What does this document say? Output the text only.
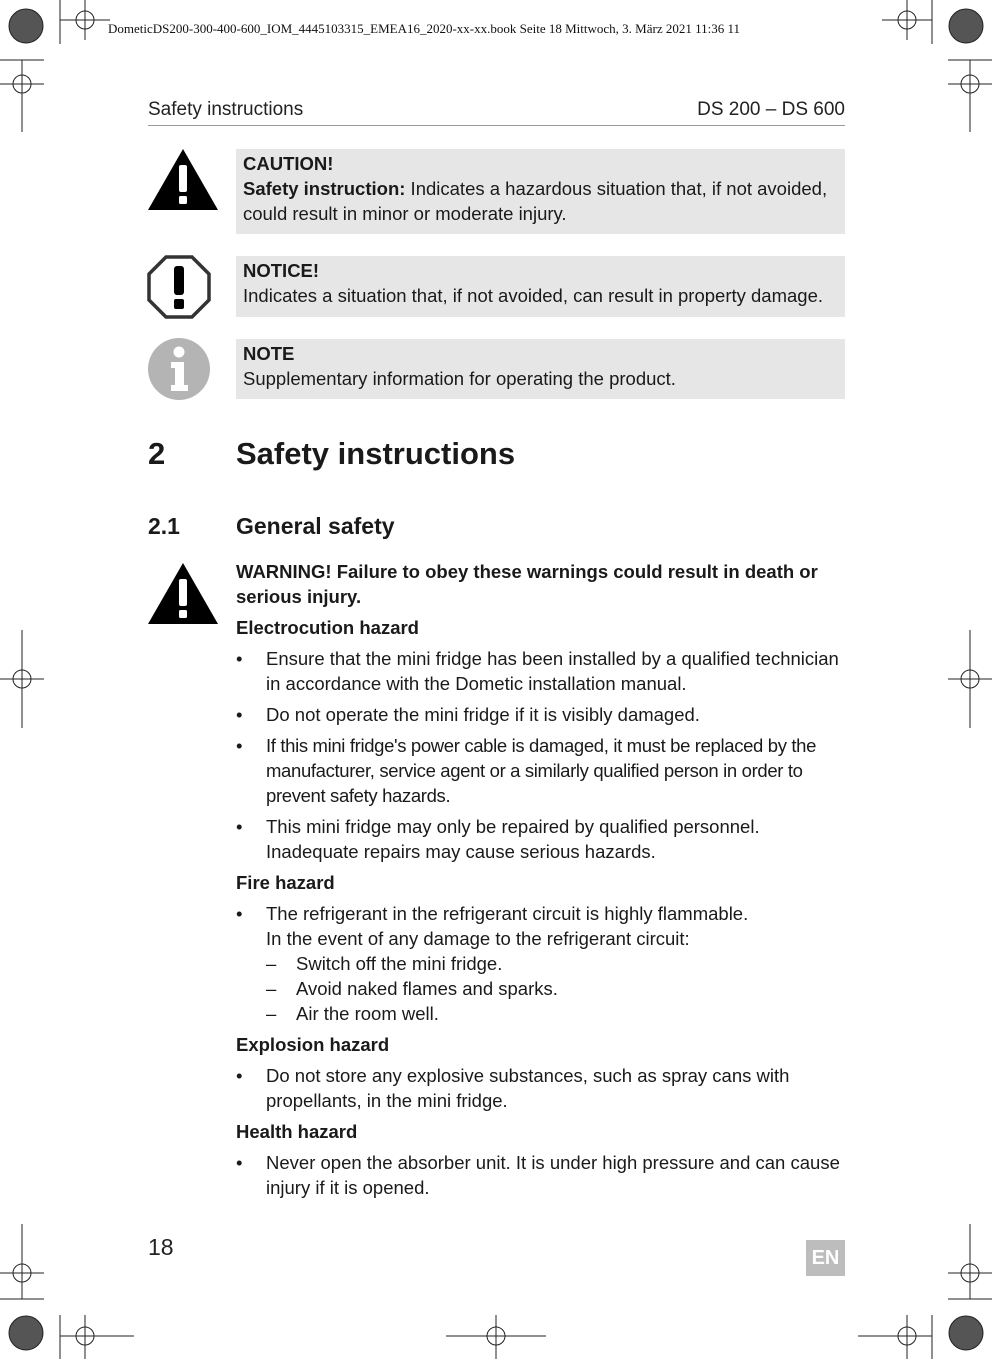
DometicDS200-300-400-600_IOM_4445103315_EMEA16_2020-xx-xx.book Seite 18 Mittwoch, 3. März 2021 11:36 11
Safety instructions	DS 200 – DS 600
CAUTION!
Safety instruction: Indicates a hazardous situation that, if not avoided, could result in minor or moderate injury.
NOTICE!
Indicates a situation that, if not avoided, can result in property damage.
NOTE
Supplementary information for operating the product.
2 Safety instructions
2.1 General safety
WARNING! Failure to obey these warnings could result in death or serious injury.
Electrocution hazard
• Ensure that the mini fridge has been installed by a qualified technician in accordance with the Dometic installation manual.
• Do not operate the mini fridge if it is visibly damaged.
• If this mini fridge's power cable is damaged, it must be replaced by the manufacturer, service agent or a similarly qualified person in order to prevent safety hazards.
• This mini fridge may only be repaired by qualified personnel. Inadequate repairs may cause serious hazards.
Fire hazard
• The refrigerant in the refrigerant circuit is highly flammable.
In the event of any damage to the refrigerant circuit:
– Switch off the mini fridge.
– Avoid naked flames and sparks.
– Air the room well.
Explosion hazard
• Do not store any explosive substances, such as spray cans with propellants, in the mini fridge.
Health hazard
• Never open the absorber unit. It is under high pressure and can cause injury if it is opened.
18	EN
